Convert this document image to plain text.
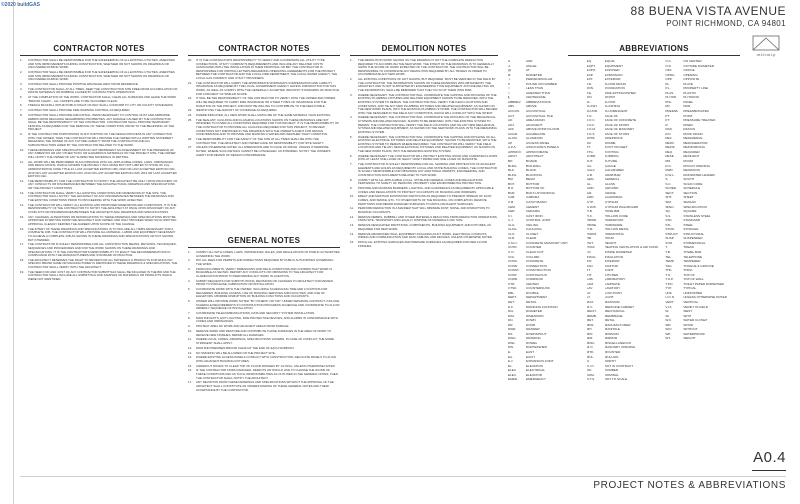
©2020 buildGAS	88 BUENA VISTA AVENUE
POINT RICHMOND, CA 94801
m.t.h.m.l.p
CONTRACTOR NOTES
1.	CONTRACTOR SHALL BE RESPONSIBLE FOR THE SAFEKEEPING OF ALL EXISTING UTILITIES, AMENITIES AND SITE IMPROVEMENTS DURING CONSTRUCTION, WHETHER OR NOT SHOWN ON DRAWINGS OR UNCOVERED DURING WORK.
2.	CONTRACTOR SHALL BE RESPONSIBLE FOR THE SAFEKEEPING OF ALL EXISTING UTILITIES, AMENITIES AND SITE IMPROVEMENTS DURING CONSTRUCTION, WHETHER OR NOT SHOWN ON DRAWINGS OR UNCOVERED DURING WORK.
3.	CONTRACTOR SHALL PROVIDE POSITIVE DRAINAGE AWAY FROM RESIDENCE.
4.	THE CONTRACTOR SHALL AT ALL TIMES, KEEP THE CONSTRUCTION SITE FREE FROM ACCUMULATION OF WASTE MATERIALS OR RUBBISH CAUSED BY CONTRACTOR'S OPERATIONS.
5.	AT THE COMPLETION OF THE WORK, CONTRACTOR SHALL CLEAN ALL SURFACES AND LEAVE THE WORK "BROOM CLEAN" - ALL CARPETS ARE TO BE VACUUMED CLEAN.
6.	TRENCH BACKFILL WITHIN PUBLIC RIGHT-OF-WAY SHALL CONFORM TO CITY OR COUNTY STANDARDS.
7.	CONTRACTOR SHALL PROVIDE FIRE WARNING CONTROL AS REQUIRED.
8.	CONTRACTOR SHALL PROVIDE AND INSTALL ITEMS NECESSARY TO CONTROL DUST AND AIRBORNE DEBRIS FROM REACHING NEIGHBORING PROPERTIES. ANY DAMAGE CAUSED BY THE CONTRACTOR SHALL BE THE RESPONSIBILITY OF THE CONTRACTOR. CONTRACTOR SHALL PROVIDE TEMPORARY FENCING AS REQUIRED FOR THE REMOVAL OF THESE CONDITIONS, PRIOR TO THE BEGINNING OF THE PROJECT.
9.	IF THE CONTRACTOR PARTICIPATES IN ANY PORTION OF THE DESIGN PROCESS IN ANY CONNECTION WITH THE OWNER, THEN THE CONTRACTOR WILL PROVIDE THE OWNER WITH A WRITTEN STATEMENT RELEASING THE OWNER OF ANY FUTURE LIABILITY FROM THE CONTRACTOR AND ALL SUBCONTRACTORS HIRED BY THE CONTRACTOR RELATED TO THE WORK.
10.	THESE DRAWINGS AND SPECIFICATIONS DO NOT REPRESENT AN ASSESSMENT OF THE PRESENCE OF ANY ASBESTOS OR ANY OTHER TOXIC OR HAZARDOUS MATERIALS ON THE PROJECT SITE. THE OWNER WILL NOTIFY THE OWNER OF ANY SUSPECTED MATERIALS IN WRITING.
11.	ALL WORK WILL BE PERFORMED IN ACCORDANCE WITH ALL APPLICABLE CODES, LAWS, ORDINANCES AND REGULATIONS, WHICH GOVERN THE PROJECT, INCLUDING BUT NOT LIMITED TO STATE OF CAL. ADMINISTRATIVE CODE TITLE 24, LAST ACCEPTED EDITION CBC 2019 OR LAST ACCEPTED EDITION CRC, 2019 OR LAST ACCEPTED EDITION CPC 2019 OR LAST ACCEPTED EDITION CMC 2019 OR LAST ACCEPTED EDITION CEC.
12.	THE RESPONSIBILITY FOR THE CONTRACTOR TO NOTIFY THE ARCHITECT BE ONLY UPON DISCOVERY OF ANY CONFLICTS OR DISCREPANCIES BETWEEN THE ARCHITECTURAL DRAWINGS AND SPECIFICATIONS OR THE PROJECT CONDITIONS.
13.	THE CONTRACTOR SHALL VERIFY ALL EXISTING CONDITIONS AND DIMENSIONS AT THE SITE. THE CONTRACTOR SHALL NOTIFY THE ARCHITECT OF ANY DISCREPANCIES BETWEEN THE DRAWINGS AND THE EXISTING CONDITIONS PRIOR TO PROCEEDING WITH THE WORK AFFECTED.
14.	THE CONTRACTOR WILL VERIFY ALL EXISTING AND PROPOSED DIMENSIONS AND CONDITIONS. IT IS THE RESPONSIBILITY OF THE CONTRACTOR TO NOTIFY THE ARCHITECT AT ONCE UPON DISCOVERY OF ANY CONFLICTS OR DISCREPANCIES BETWEEN THE ARCHITECTURAL DRAWINGS AND SPECIFICATIONS.
15.	ANY CHANGES, ALTERATIONS OR MODIFICATIONS TO THESE DRAWINGS AND SPECIFICATIONS MUST BE APPROVED IN WRITING FROM THE ARCHITECT AND OWNER, AND ONLY PROCEED WHEN SUCH WRITTEN APPROVAL CLEARLY DEFINES THE AGREED UPON SCOPE OF THE CHANGE.
16.	THE INTENT OF THESE DRAWINGS AND SPECIFICATIONS IS TO INCLUDE ALL ITEMS NECESSARY FOR A COMPLETE JOB. THE CONTRACTOR WILL PROVIDE ALL MATERIAL, LABOR AND EQUIPMENT NECESSARY TO ACHIEVE A COMPLETE JOB AS SHOWN IN THESE DRAWINGS AND SPECIFICATIONS OR NOT SHOWN, BUT INTENDED.
17.	THE CONTRACTOR IS SOLELY RESPONSIBLE FOR ALL CONSTRUCTION MEANS, METHODS, TECHNIQUES, SEQUENCES AND PROCEDURES AND FOR THE WORK SHOWN ON THESE DRAWINGS AND SPECIFICATIONS. IT IS THE CONTRACTOR'S RESPONSIBILITY TO ENACT THE RECOMMENDATIONS IN COMPLIANCE WITH THE MANUFACTURERS AND STANDARD OF PRACTICE.
18.	THE ARCHITECT RESERVES THE RIGHT TO REVIEW FOR ALL MATERIALS & PRODUCTS FOR WHICH NO SPECIFIC BRAND NAME OR MANUFACTURER IS IDENTIFIED IN THESE DRAWINGS & SPECIFICATIONS, THE CONTRACTOR SHALL VERIFY WITH THE ARCHITECT.
19.	THE NEED FOR AND COST OF ANY CONTRACTOR SUBMITTALS SHALL BE INCLUDED IN THE BID AND THE CONTRACTOR SHALL INCLUDE ALL SUBMITTALS AND SAMPLES OF MATERIALS OR PRODUCTS WHICH WERE NOT IDENTIFIED.
CONTRACTOR NOTES
20.	IT IS THE CONTRACTOR'S RESPONSIBILITY TO VERIFY AND COORDINATE ALL UTILITY TYPE CONNECTIONS, UTILITY COMPANY'S REQUIREMENTS AND INCLUDE ANY RELATED COSTS ASSOCIATED WITH THE INSTALLATION IN THEIR PROPOSAL OR BID. THE CONTRACTOR IS RESPONSIBLE FOR WRITING LETTERS REGARDING OPERATING AGREEMENTS FOR THE PROJECT BETWEEN THE CONTRACTOR AND THE LOCAL FIRE DEPARTMENT, THE LOCAL WATER AGENCY, THE LOCAL GAS COMPANY AND UTILITY PROVIDERS.
21.	THE CONTRACTOR WILL CARRY THE APPROPRIATE WORKMAN'S COMPENSATION AND LIABILITY INSURANCE AS REQUIRED BY THE LOCAL GOVERNMENT AGENCY HAVING JURISDICTION FOR THIS WORK, AS WELL AS COMPLY WITH THE GENERALLY ACCEPTED INDUSTRY STANDARDS OF PRACTICE FOR A PROJECT OF SIMILAR SCOPE.
22.	IT WILL BE THE RESPONSIBILITY OF THE CONTRACTOR TO VERIFY WITH THE OWNER AND OWNER WILL BE REQUIRED TO CARRY FIRE INSURANCE OR OTHER TYPES OF INSURANCE FOR THE DURATION OF THE PROJECT, AND MUST BE WILLING TO CONTRIBUTE TO THE DEDUCTIBLE.
23.	IDENTIFYING THE AMOUNT OF COVERAGE AS REQUIRED.
24.	WHERE INDICATED, ALL NEW WORK SHALL MATCH BE OF THE SAME MATERIAL THAN EXISTING.
25.	THE SEALANT, CAULKING AND FLASHING LOCATIONS SHOWN ON THESE DRAWINGS ARE NOT INTENDED TO COVER ALL CONDITIONS REQUIRED FOR THIS PROJECT. IT IS THE RESPONSIBILITY OF THE CONTRACTOR TO PROVIDE ALL CAULKING REQUIRED FOR THIS PROJECT, TO REVIEW CONDITIONS NOT IDENTIFIED IN THE DRAWINGS WITH THE OWNER'S AGENT FOR DESIGN CONFORMANCE AND TO PROVIDE AND MAINTAIN A WATER AND WEATHER TIGHT CONDITION.
26.	THE RESPONSIBILITY FOR THE SAFETY OF THE SITE AT ALL TIMES SHALL BE WITH THE CONTRACTOR. THE ARCHITECT AND OWNER HAVE NO RESPONSIBILITY FOR SITE SAFETY.
27.	UNLESS OTHERWISE NOTED, ALL DIMENSIONS ARE TO FACE OF FINISH. UNLESS OTHERWISE NOTED, WHERE SUCH DETAILS CANNOT BE CONCEALED, AS INTENDED, NOTIFY THE OWNER'S AGENT FOR REVIEW OF DESIGN CONFORMANCE.
GENERAL NOTES
1.	COMPLY ALL WITH CODES, LAWS, ORDINANCES, RULES, AND REGULATIONS OF PUBLIC AUTHORITIES GOVERNING THE WORK.
2.	PAY ALL FEES FOR PERMITS AND INSPECTIONS REQUIRED BY PUBLIC AUTHORITIES GOVERNING THE WORK.
3.	FROM DOCUMENTS, VERIFY DIMENSIONS AND FIELD CONDITIONS AND CONFIRM THAT WORK IS BUILDABLE AS SHOWN. REPORT ANY CONFLICTS OR OMISSIONS TO THE ARCHITECT FOR CLARIFICATION PRIOR TO PERFORMING ANY WORK IN QUESTION.
4.	SUBMIT REQUESTS FOR SUBSTITUTIONS, REVISIONS OR CHANGES TO ARCHITECT FOR REVIEW PRIOR TO PURCHASE, FABRICATION OR INSTALLATION.
5.	COORDINATE WORK WITH THE OWNER, INCLUDING SCHEDULING TIME AND LOCATIONS FOR DELIVERIES, BUILDING ACCESS, USE OF BUILDING SERVICES AND FACILITIES, AND USE OF ELEVATORS. MINIMIZE DISRUPTION OF BUILDING FUNCTIONS AND OCCUPANTS.
6.	OWNER WILL PROVIDE WORK NOTED "BY OTHERS" OR "NIC" UNDER SEPARATE CONTRACT. INCLUDE SCHEDULE REQUIREMENTS IN CONSTRUCTION PROGRESS SCHEDULE AND COORDINATE TO ALLOW ORDERLY SEQUENCE OF INSTALLATION.
7.	COORDINATE TELECOMMUNICATIONS, DATA AND SECURITY SYSTEM INSTALLATION.
8.	MAINTAIN EXITS, EXIT LIGHTING, FIRE PROTECTIVE DEVICES, AND ALARMS IN CONFORMANCE WITH CODES AND ORDINANCES.
9.	PROTECT AREA OF WORK AND ADJACENT AREAS FROM DAMAGE.
10.	REMOVE WORK AND RESTORE AND CONTRIBUTE THOSE SURFACES IN THE AREA OF WORK TO RECEIVE NEW FINISHES. REPAIR ALL DAMAGES.
11.	WHERE LOCAL CODES, DRAWINGS, SPECIFICATIONS GOVERN, IN CASE OF CONFLICT, THE MORE STRINGENT SHALL APPLY.
12.	MAINTAIN PREMISES BROOM CLEAN AT THE END OF EACH WORKDAY.
13.	NO SMOKING WILL BE ALLOWED ON THE PROJECT SITE.
14.	WHERE EXISTING ACCESS PANELS CONFLICT WITH CONSTRUCTION, RELOCATE PANELS TO ALIGN WITH ADJACENT BUILDING FIXTURES.
15.	UNDERCUT DOORS TO CLEAR TOP OF FLOOR FINISHES BY 1/4 INCH, UNLESS OTHERWISE NOTED.
16.	IF THE CONTRACTOR FINDS DAMAGED, DEFECTS OR WOULD LIKE TO CHANGE THE SCOPE OF THESE CONDITIONS AND AS SUCH, RESPONSIBILITIES AS OUTLINED IN THE GENERAL NOTES, THEN THE CONTRACTOR SHALL NOTIFY THE ARCHITECT.
17.	ANY DEVIATION FROM THESE DRAWINGS AND SPECIFICATIONS WITHOUT THE APPROVAL OF THE ARCHITECT SHALL CONSTITUTE AN UNDERSTANDING OF THESE GENERAL NOTES AND THEIR ACCEPTANCE BY THE CONTRACTOR.
DEMOLITION NOTES
1.	THE DEMOLITION WORK SHOWN ON THE DRAWING IS NOT THE COMPLETE DEMOLITION REQUIRED TO ACCOMPLISH THE NEW WORK. THE INTENT OF THE DRAWINGS IS TO GENERALLY SHOW THE SCOPE OF WORK EXPECTED OF THE CONTRACTOR. THE CONTRACTOR WILL BE RESPONSIBLE TO COORDINATE ANY DEMOLITION REQUIRED BY ALL TRADES IN ORDER TO ACCOMMODATE ANY NEW WORK.
2.	ALL EXISTING CONDITIONS OF HOT SHOWN, BUT REQUIRED, MUST BE VERIFIED IN THE FIELD BY THE CONTRACTOR. THE INFORMATION SHOWN ON THESE DRAWINGS WAS OBTAINED BY THE ARCHITECT AND IS NOT SUPPORTED BY ENGINEERING TYPE EQUIPMENT. ANYONE RELYING ON THE INFORMATION, SHALL BE REMINDED THAT THEY DO SO AT THEIR OWN RISK.
3.	WHERE NECESSARY, THE CONTRACTOR WILL COORDINATE THE CAPPING AND PATCHING OF THE EXISTING PLUMBING FIXTURES AND RELATED EQUIPMENT SHOWN TO BE REMOVED, WITH THE EXISTING SYSTEM TO REMAIN. THE CONTRACTOR WILL VERIFY THE FIELD LOCATIONS AND CONDITIONS, AND TIE ANY NEW PLUMBING FIXTURES AND RELATED EQUIPMENT, AS SHOWN ON THE NEW WORK PLANS, INTO THE EXISTING PLUMBING SYSTEM. THE CONTRACTOR WILL REVIEW WITH THE DESIGNER IN THE FIELD ANY CONDITIONS, WHICH WILL CONFLICT WITH THE INTENT.
4.	WHERE NECESSARY, THE CONTRACTOR WILL COORDINATE THE PATCHING OF THE MECHANICAL SYSTEMS AND RELATED DEVICES, SHOWN TO BE REMOVED, WITH THE EXISTING SYSTEM TO REMAIN. THE CONTRACTOR WILL VERIFY THE FIELD LOCATIONS AND TIE ANY NEW MECHANICAL SYSTEM AND RELATED EQUIPMENT, AS SHOWN ON THE NEW WORK PLANS, INTO THE REMAINING EXISTING SYSTEM.
5.	WHERE NECESSARY, THE CONTRACTOR WILL COORDINATE THE CAPPING AND PATCHING OF ALL EXISTING ELECTRICAL FIXTURES AND RELATED EQUIPMENT, SHOWN TO BE REMOVED, WITH THE EXISTING SYSTEM TO REMAIN WHERE REQUIRED. THE CONTRACTOR WILL VERIFY THE FIELD LOCATIONS AND TIE ANY NEW ELECTRICAL FIXTURES AND RELATED EQUIPMENT, AS SHOWN ON THE NEW WORK PLANS, INTO THE REMAINING EXISTING SYSTEM.
6.	WHERE NECESSARY THE CONTRACTOR WILL PROTECT EXISTING WOOD AND CARPETED FLOORS WITH AT LEAST ONE LAYER OF HEAVY CRAFT PAPER AND ONE LAYER OF MASONITE.
7.	THE CONTRACTOR IS SOLELY RESPONSIBLE FOR ALL SHORING AND PROTECTION OF ADJACENT ELEMENTS AND HOLDS AS REQUIRED BY LOCAL AND STATE BUILDING CODES. THE CONTRACTOR IS SOLELY RESPONSIBLE FOR OBTAINING ANY ADDITIONAL PERMITS, ENGINEERING, AND CONSTRUCTION DOCUMENTS RELATED TO THIS WORK.
8.	COMPLY WITH ALL APPLICABLE LOCAL, STATE AND FEDERAL CODES AND REGULATIONS PERTAINING TO SAFETY OF PERSONS, PROPERTY AND ENVIRONMENTAL PROTECTION.
9.	PROVIDE AND MAINTAIN BARRIERS, LIGHTING, AND GUARDRAILS AS REQUIRED BY APPLICABLE CODES AND REGULATIONS TO PROTECT OCCUPANTS OF BUILDING AND WORKERS.
10.	ERECT AND MAINTAIN DUSTPROOF PARTITIONS AS REQUIRED TO PREVENT SPREAD OF DUST, FUMES, AND SMOKE, ETC. TO OTHER PARTS OF THE BUILDING. ON COMPLETION, REMOVE PARTITIONS AND REPAIR DAMAGED SURFACES TO MATCH ADJACENT SURFACES.
11.	PERFORM DEMOLITION IN A MANNER THAT WILL MINIMIZE DUST, NOISE, AND DISRUPTION TO BUILDING OCCUPANTS.
12.	REMOVE DEBRIS, RUBBISH, AND OTHER MATERIALS RESULTING FROM DEMOLITION OPERATIONS FROM SITE. TRANSPORT AND LEGALLY DISPOSE OF MATERIALS OFF SITE.
13.	REMOVE DESIGNATED PARTITIONS, COMPONENTS, BUILDING EQUIPMENT, AND FIXTURES, AS REQUIRED FOR NEW WORK.
14.	REMOVE ABANDONED WALL EQUIPMENT INCLUDING DUCT WORK, ELECTRICAL CONDUITS, WIRING AND COMMUNICATION AND DATA CABLING AND DEVICES, UNLESS OTHERWISE NOTED.
15.	PATCH ALL EXISTING SURFACES AND PREPARE SURFACES AS REQUIRED FOR NEW FLOOR FINISHES.
ABBREVIATIONS
&	AND
∠	ANGLE
@	AT
Ø	DIAMETER
⊥	PERPENDICULAR
#	POUND OR NUMBER
<	LESS THAN
>	GREATER THAN
℄	CENTERLINE
ABBREV.	ABBREVIATIONS
ABV.	ABOVE
ACOUS.	ACOUSTICAL
ACT	ACOUSTICAL TILE
AD	AREA DRAIN
ADJ.	ADJACENT
AFF	ABOVE FINISH FLOOR
AGGR.	AGGREGATE
ALUM.	ALUMINUM
AP	ACCESS PANEL
A.P.A.	ASSOCIATE'S PANELS
APPROX.	APPROXIMATE
ARCH.	ARCHITECT
BD.	BOARD
BLDG.	BUILDING
BLK.	BLOCK
BLKG.	BLOCKING
BM.	BEAM
BOT.	BOTTOM
B.O.	BOTTOM OF
BUR.	BUILT-UP ROOFING
CAB.	CABINET
C.B.	CATCH BASIN
CEM.	CEMENT
CER.	CERAMIC
C.I.	CAST IRON
C.J.	CONTROL JOINT
CLG.	CEILING
CLKG.	CAULKING
CLO.	CLOSET
CLR.	CLEAR
C.M.U.	CONCRETE MASONRY UNIT
CNTR.	COUNTER
C.O.	CLEAN OUT
COL.	COLUMN
CONC.	CONCRETE
CONN.	CONNECTION
CONST.	CONSTRUCTION
CONT.	CONTINUOUS
CORR.	CORRIDOR
CTR.	CENTER
CTSK.	COUNTERSUNK
DBL.	DOUBLE
DEPT.	DEPARTMENT
DET.	DETAIL
D.F.	DRINKING FOUNTAIN
DIA.	DIAMETER
DIM.	DIMENSION
DN.	DOWN
DR.	DOOR
DWR.	DRAWER
DS.	DOWNSPOUT
DWG.	DRAWING
DWL.	DOWEL
DW.	DISHWASHER
E.	EAST
EA.	EACH
E.J.	EXPANSION JOINT
EL.	ELEVATION
ELEC.	ELECTRICAL
ELEV.	ELEVATOR
EMER.	EMERGENCY
EQ.	EQUAL
EQPT.	EQUIPMENT
EXPO.	EXPOSED
EXP.	EXPANSION
EXT.	EXTERIOR
F.D.	FLOOR DRAIN
FDN.	FOUNDATION
F.E.	FIRE EXTINGUISHER
FIN.	FINISH
FL.	FLOOR
FLASH.	FLASHING
FLUOR.	FLUORESCENT
F.O.	FACE OF
F.O.C.	FACE OF CONCRETE
F.O.F.	FACE OF FINISH
F.O.M.	FACE OF MASONRY
F.O.S.	FACE OF STUDS
FPRF.	FIREPROOF
FR.	FRAME
FT.	FOOT OR FEET
FTG.	FOOTING
FURR.	FURRING
FUT.	FUTURE
GA.	GAUGE
GALV.	GALVANIZED
G.B.	GRAB BAR
GEN.	GENERAL
GL.	GLASS
GND.	GROUND
GR.	GRADE
GRD.	GUARDRAIL
GYP.	GYPSUM
G.W.B.	GYPSUM WALLBOARD
H.B.	HOSE BIB
H.C.	HOLLOW CORE
HDWD.	HARDWOOD
HDWE.	HARDWARE
H.M.	HOLLOW METAL
HORIZ.	HORIZONTAL
HR.	HOUR
HGT.	HEIGHT
HVAC	HEATING VENTILATION & AIR COND.
I.D.	INSIDE DIAMETER
INSUL.	INSULATION
INT.	INTERIOR
JAN.	JANITOR
JT.	JOINT
KIT.	KITCHEN
LAB.	LABORATORY
LAM.	LAMINATE
LAV.	LAVATORY
LP.	LOW POINT
LT.	LIGHT
MAX.	MAXIMUM
M.C.	MEDICINE CABINET
MECH.	MECHANICAL
MEMB.	MEMBRANE
MET.	METAL
MFR.	MANUFACTURER
MH.	MANHOLE
MIN.	MINIMUM
MIR.	MIRROR
MISC.	MISCELLANEOUS
M.O.	MASONRY OPENING
MTD.	MOUNTED
MUL.	MULLION
N.	NORTH
N.I.C.	NOT IN CONTRACT
NO.	NUMBER
NOM.	NOMINAL
N.T.S.	NOT TO SCALE
O.C.	ON CENTER
O.D.	OUTSIDE DIAMETER
OFF.	OFFICE
OPNG.	OPENING
OPP.	OPPOSITE
PL.	PLATE
P.L.	PROPERTY LINE
PLAS.	PLASTIC
PLYWD.	PLYWOOD
PNL.	PANEL
PR.	PAIR
PREFAB.	PREFABRICATED
PT.	POINT
P.T.	PRESSURE TREATED
R.	RISER
RAD.	RADIUS
R.D.	ROOF DRAIN
REF.	REFERENCE
REFR.	REFRIGERATOR
REINF.	REINFORCING
REQ.	REQUIRED
RESIL.	RESILIENT
RM.	ROOM
R.O.	ROUGH OPENING
RWD.	REDWOOD
R.W.L.	RAINWATER LEADER
S.	SOUTH
S.C.	SOLID CORE
SCHED.	SCHEDULE
SECT.	SECTION
SHT.	SHEET
SIM.	SIMILAR
SPEC.	SPECIFICATION
SQ.	SQUARE
S.S.	STAINLESS STEEL
STD.	STANDARD
STL.	STEEL
STOR.	STORAGE
STRUCT.	STRUCTURAL
SUSP.	SUSPENDED
SYM.	SYMMETRICAL
T.	TREAD
T.B.	TOWEL BAR
TEL.	TELEPHONE
TEMP.	TEMPERED
T&G	TONGUE & GROOVE
THK.	THICK
T.O.	TOP OF
T.O.P.	TOP OF WALL
T.P.D.	TOILET PAPER DISPENSER
TYP.	TYPICAL
UNF.	UNFINISHED
U.O.N.	UNLESS OTHERWISE NOTED
VERT.	VERTICAL
V.I.F.	VERIFY IN FIELD
W.	WEST
W/	WITH
W.C.	WATER CLOSET
WD.	WOOD
W/O	WITHOUT
WP.	WATERPROOF
WT.	WEIGHT
A0.4
PROJECT NOTES & ABBREVIATIONS
